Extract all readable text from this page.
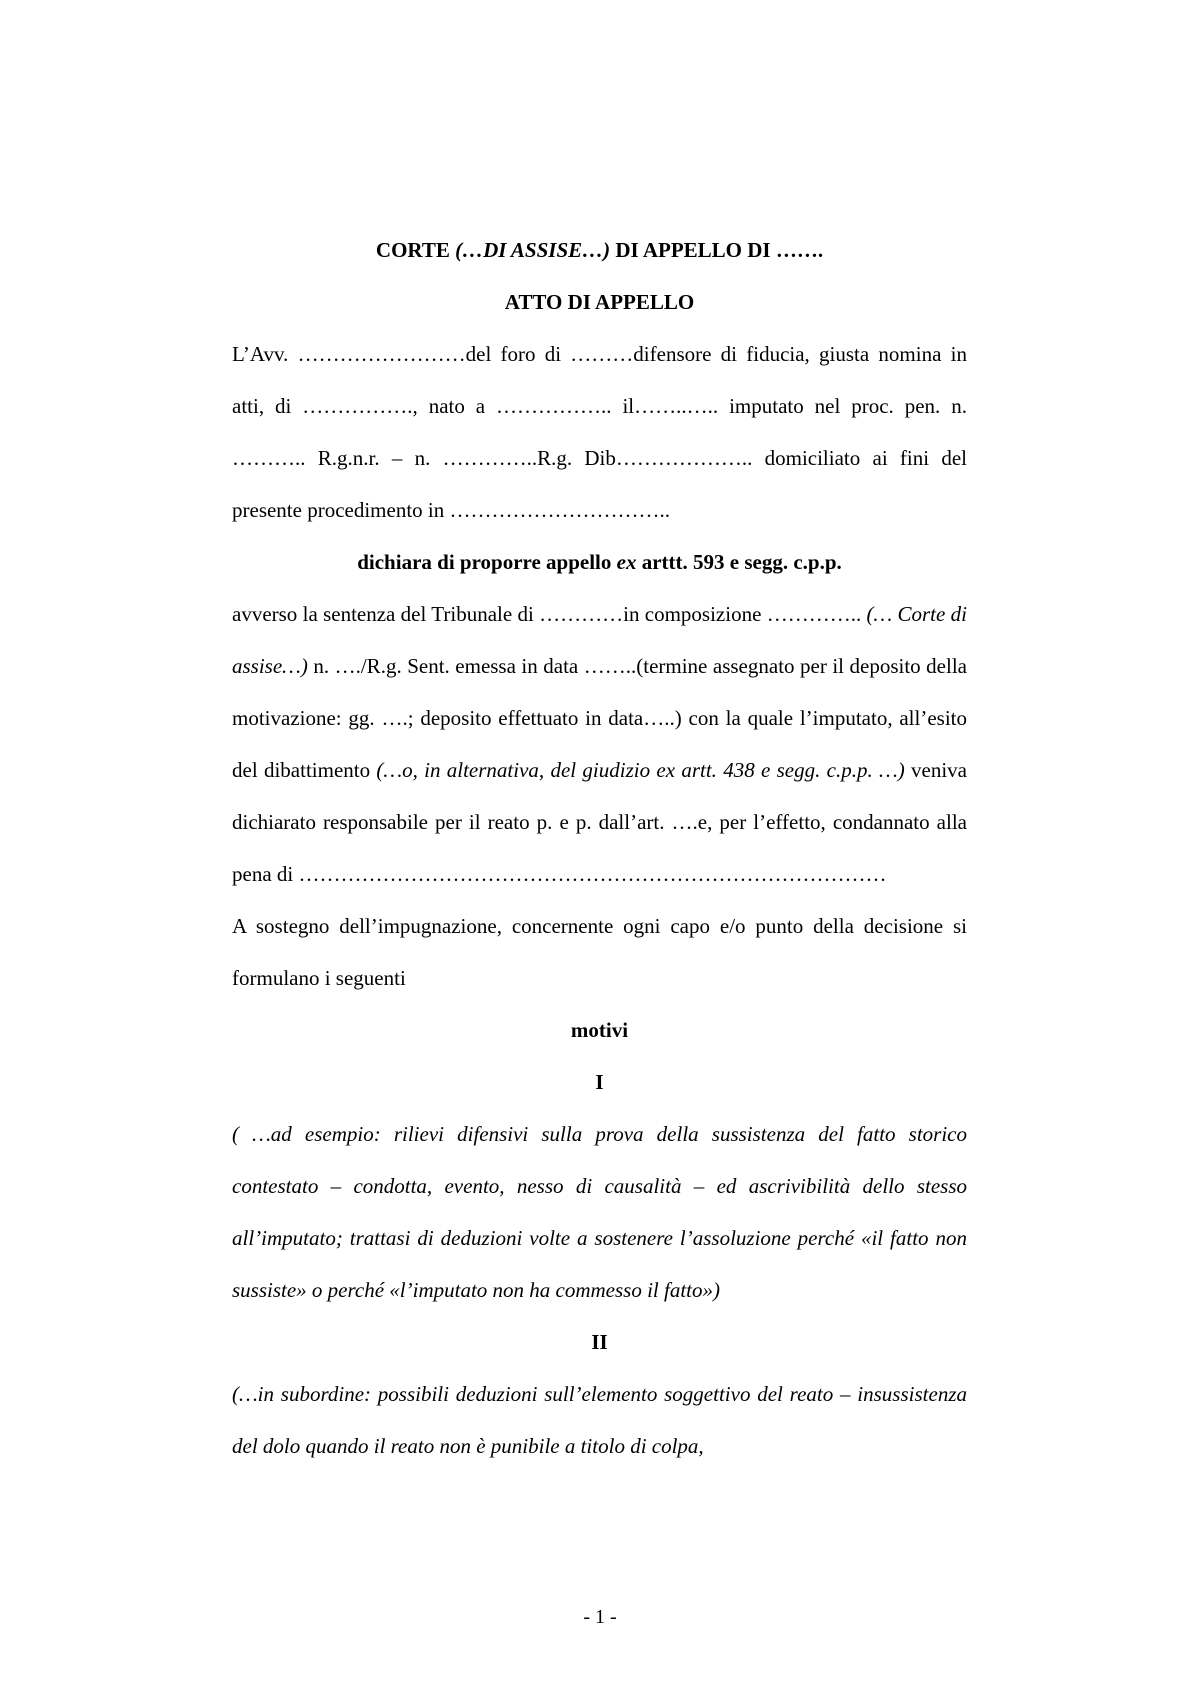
CORTE (…DI ASSISE…) DI APPELLO DI …….

ATTO DI APPELLO

L’Avv. ……………………del foro di ………difensore di fiducia, giusta nomina in atti, di ……………., nato a …………….. il……..….. imputato nel proc. pen. n. ……….. R.g.n.r. – n. …………..R.g. Dib……………….. domiciliato ai fini del presente procedimento in …………………………..

dichiara di proporre appello ex arttt. 593 e segg. c.p.p.

avverso la sentenza del Tribunale di …………in composizione ………….. (… Corte di assise…) n. …./R.g. Sent. emessa in data ……..(termine assegnato per il deposito della motivazione: gg. ….; deposito effettuato in data…..) con la quale l’imputato, all’esito del dibattimento (…o, in alternativa, del giudizio ex artt. 438 e segg. c.p.p. …) veniva dichiarato responsabile per il reato p. e p. dall’art. ….e, per l’effetto, condannato alla pena di …………………………………………………………………………

A sostegno dell’impugnazione, concernente ogni capo e/o punto della decisione si formulano i seguenti

motivi

I

( …ad esempio: rilievi difensivi sulla prova della sussistenza del fatto storico contestato – condotta, evento, nesso di causalità – ed ascrivibilità dello stesso all’imputato; trattasi di deduzioni volte a sostenere l’assoluzione perché «il fatto non sussiste» o perché «l’imputato non ha commesso il fatto»)

II

(…in subordine: possibili deduzioni sull’elemento soggettivo del reato – insussistenza del dolo quando il reato non è punibile a titolo di colpa,

- 1 -
